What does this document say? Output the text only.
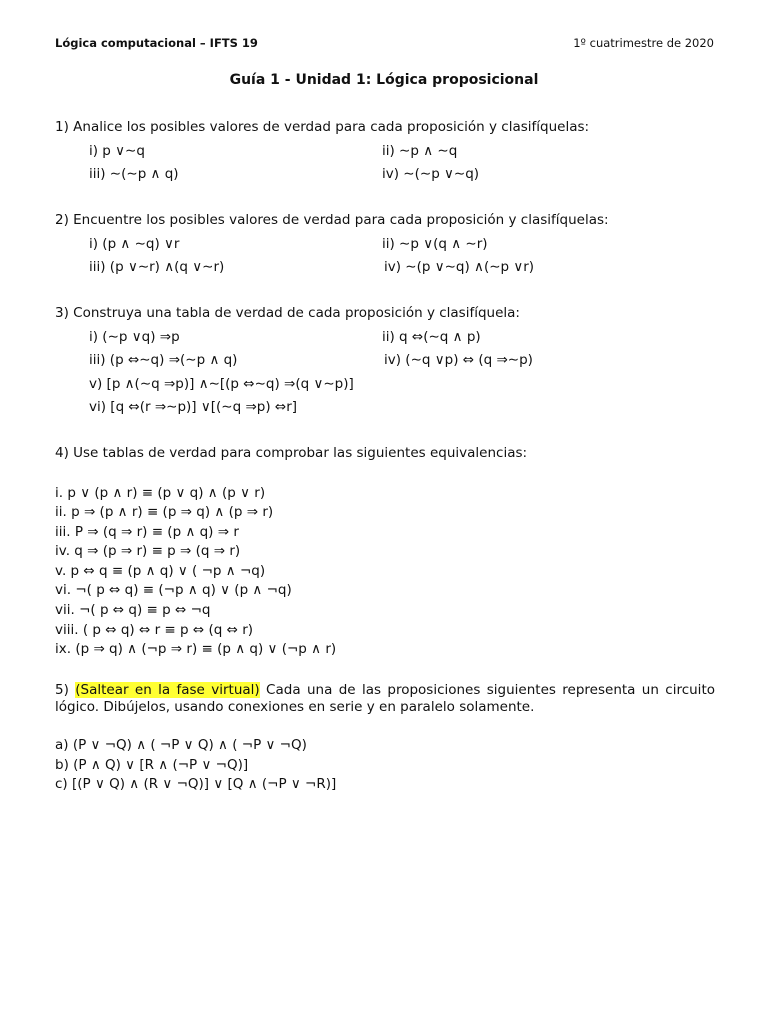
Lógica computacional – IFTS 19	1º cuatrimestre de 2020
Guía 1 - Unidad 1: Lógica proposicional
1) Analice los posibles valores de verdad para cada proposición y clasifíquelas:
i) p ∨∼q	ii) ∼p ∧ ∼q
iii) ∼(∼p ∧ q)	iv) ∼(∼p ∨∼q)
2) Encuentre los posibles valores de verdad para cada proposición y clasifíquelas:
i) (p ∧ ∼q) ∨r	ii) ∼p ∨(q ∧ ∼r)
iii) (p ∨∼r) ∧(q ∨∼r)	iv) ∼(p ∨∼q) ∧(∼p ∨r)
3) Construya una tabla de verdad de cada proposición y clasifíquela:
i) (∼p ∨q) ⇒p	ii) q ⇔(∼q ∧ p)
iii) (p ⇔∼q) ⇒(∼p ∧ q)	iv) (∼q ∨p) ⇔ (q ⇒∼p)
v) [p ∧(∼q ⇒p)] ∧∼[(p ⇔∼q) ⇒(q ∨∼p)]
vi) [q ⇔(r ⇒∼p)] ∨[(∼q ⇒p) ⇔r]
4) Use tablas de verdad para comprobar las siguientes equivalencias:
i. p ∨ (p ∧ r) ≡ (p ∨ q) ∧ (p ∨ r)
ii. p ⇒ (p ∧ r) ≡ (p ⇒ q) ∧ (p ⇒ r)
iii. P ⇒ (q ⇒ r) ≡ (p ∧ q) ⇒ r
iv. q ⇒ (p ⇒ r) ≡ p ⇒ (q ⇒ r)
v. p ⇔ q ≡ (p ∧ q) ∨ ( ¬p ∧ ¬q)
vi. ¬( p ⇔ q) ≡ (¬p ∧ q) ∨ (p ∧ ¬q)
vii. ¬( p ⇔ q) ≡ p ⇔ ¬q
viii. ( p ⇔ q) ⇔ r ≡ p ⇔ (q ⇔ r)
ix. (p ⇒ q) ∧ (¬p ⇒ r) ≡ (p ∧ q) ∨ (¬p ∧ r)
5) (Saltear en la fase virtual) Cada una de las proposiciones siguientes representa un circuito lógico. Dibújelos, usando conexiones en serie y en paralelo solamente.
a) (P ∨ ¬Q) ∧ ( ¬P ∨ Q) ∧ ( ¬P ∨ ¬Q)
b) (P ∧ Q) ∨ [R ∧ (¬P ∨ ¬Q)]
c) [(P ∨ Q) ∧ (R ∨ ¬Q)] ∨ [Q ∧ (¬P ∨ ¬R)]
